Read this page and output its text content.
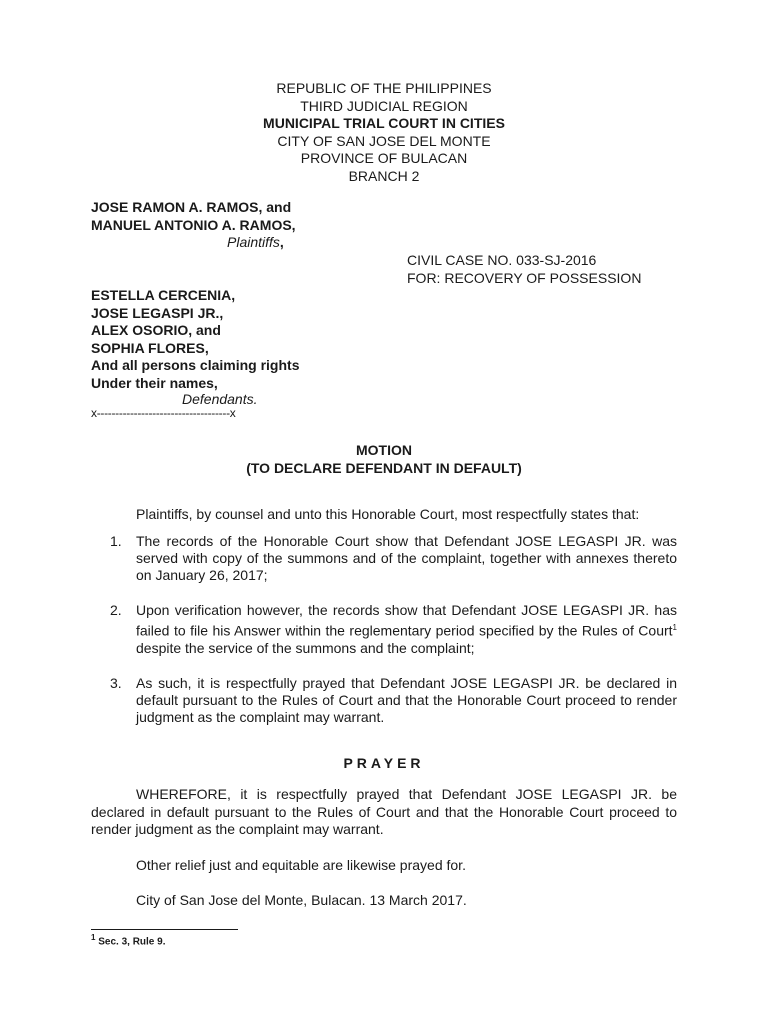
REPUBLIC OF THE PHILIPPINES
THIRD JUDICIAL REGION
MUNICIPAL TRIAL COURT IN CITIES
CITY OF SAN JOSE DEL MONTE
PROVINCE OF BULACAN
BRANCH 2
JOSE RAMON A. RAMOS, and
MANUEL ANTONIO A. RAMOS,
Plaintiffs,
CIVIL CASE NO. 033-SJ-2016
FOR: RECOVERY OF POSSESSION
ESTELLA CERCENIA,
JOSE LEGASPI JR.,
ALEX OSORIO, and
SOPHIA FLORES,
And all persons claiming rights
Under their names,
Defendants.
x------------------------------------x
MOTION
(TO DECLARE DEFENDANT IN DEFAULT)
Plaintiffs, by counsel and unto this Honorable Court, most respectfully states that:
1.	The records of the Honorable Court show that Defendant JOSE LEGASPI JR. was served with copy of the summons and of the complaint, together with annexes thereto on January 26, 2017;
2.	Upon verification however, the records show that Defendant JOSE LEGASPI JR. has failed to file his Answer within the reglementary period specified by the Rules of Court$^1$ despite the service of the summons and the complaint;
3.	As such, it is respectfully prayed that Defendant JOSE LEGASPI JR. be declared in default pursuant to the Rules of Court and that the Honorable Court proceed to render judgment as the complaint may warrant.
PRAYER
WHEREFORE, it is respectfully prayed that Defendant JOSE LEGASPI JR. be declared in default pursuant to the Rules of Court and that the Honorable Court proceed to render judgment as the complaint may warrant.
Other relief just and equitable are likewise prayed for.
City of San Jose del Monte, Bulacan. 13 March 2017.
$^1$ Sec. 3, Rule 9.
